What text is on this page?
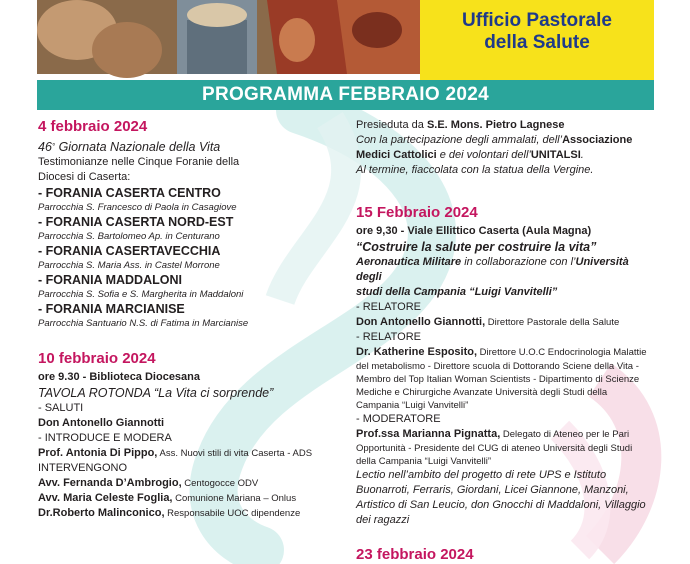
Ufficio Pastorale
della Salute
PROGRAMMA FEBBRAIO 2024
4 febbraio 2024
46° Giornata Nazionale della Vita
Testimonianze nelle Cinque Foranie della
Diocesi di Caserta:
- FORANIA CASERTA CENTRO
Parrocchia S. Francesco di Paola in Casagiove
- FORANIA CASERTA NORD-EST
Parrocchia S. Bartolomeo Ap. in Centurano
- FORANIA CASERTAVECCHIA
Parrocchia S. Maria Ass. in Castel Morrone
- FORANIA MADDALONI
Parrocchia S. Sofia e S. Margherita in Maddaloni
- FORANIA MARCIANISE
Parrocchia Santuario N.S. di Fatima in Marcianise
10 febbraio 2024
ore 9.30 - Biblioteca Diocesana
TAVOLA ROTONDA “La Vita ci sorprende”
- SALUTI
Don Antonello Giannotti
- INTRODUCE E MODERA
Prof. Antonia Di Pippo, Ass. Nuovi stili di vita Caserta - ADS
INTERVENGONO
Avv. Fernanda D’Ambrogio, Centogocce ODV
Avv. Maria Celeste Foglia, Comunione Mariana – Onlus
Dr.Roberto Malinconico, Responsabile UOC dipendenze
Presieduta da S.E. Mons. Pietro Lagnese
Con la partecipazione degli ammalati, dell’Associazione
Medici Cattolici e dei volontari dell’UNITALSI.
Al termine, fiaccolata con la statua della Vergine.
15 Febbraio 2024
ore 9,30 - Viale Ellittico Caserta (Aula Magna)
“Costruire la salute per costruire la vita”
Aeronautica Militare in collaborazione con l’Università degli
studi della Campania “Luigi Vanvitelli”
- RELATORE
Don Antonello Giannotti, Direttore Pastorale della Salute
- RELATORE
Dr. Katherine Esposito, Direttore U.O.C Endocrinologia Malattie
del metabolismo - Direttore scuola di Dottorando Sciene della Vita -
Membro del Top Italian Woman Scientists - Dipartimento di Scienze
Mediche e Chirurgiche Avanzate Università degli Studi della
Campania “Luigi Vanvitelli”
- MODERATORE
Prof.ssa Marianna Pignatta, Delegato di Ateneo per le Pari
Opportunità - Presidente del CUG di ateneo Università degli Studi
della Campania “Luigi Vanvitelli”
Lectio nell’ambito del progetto di rete UPS e Istituto
Buonarroti, Ferraris, Giordani, Licei Giannone, Manzoni,
Artistico di San Leucio, don Gnocchi di Maddaloni, Villaggio
dei ragazzi
23 febbraio 2024
